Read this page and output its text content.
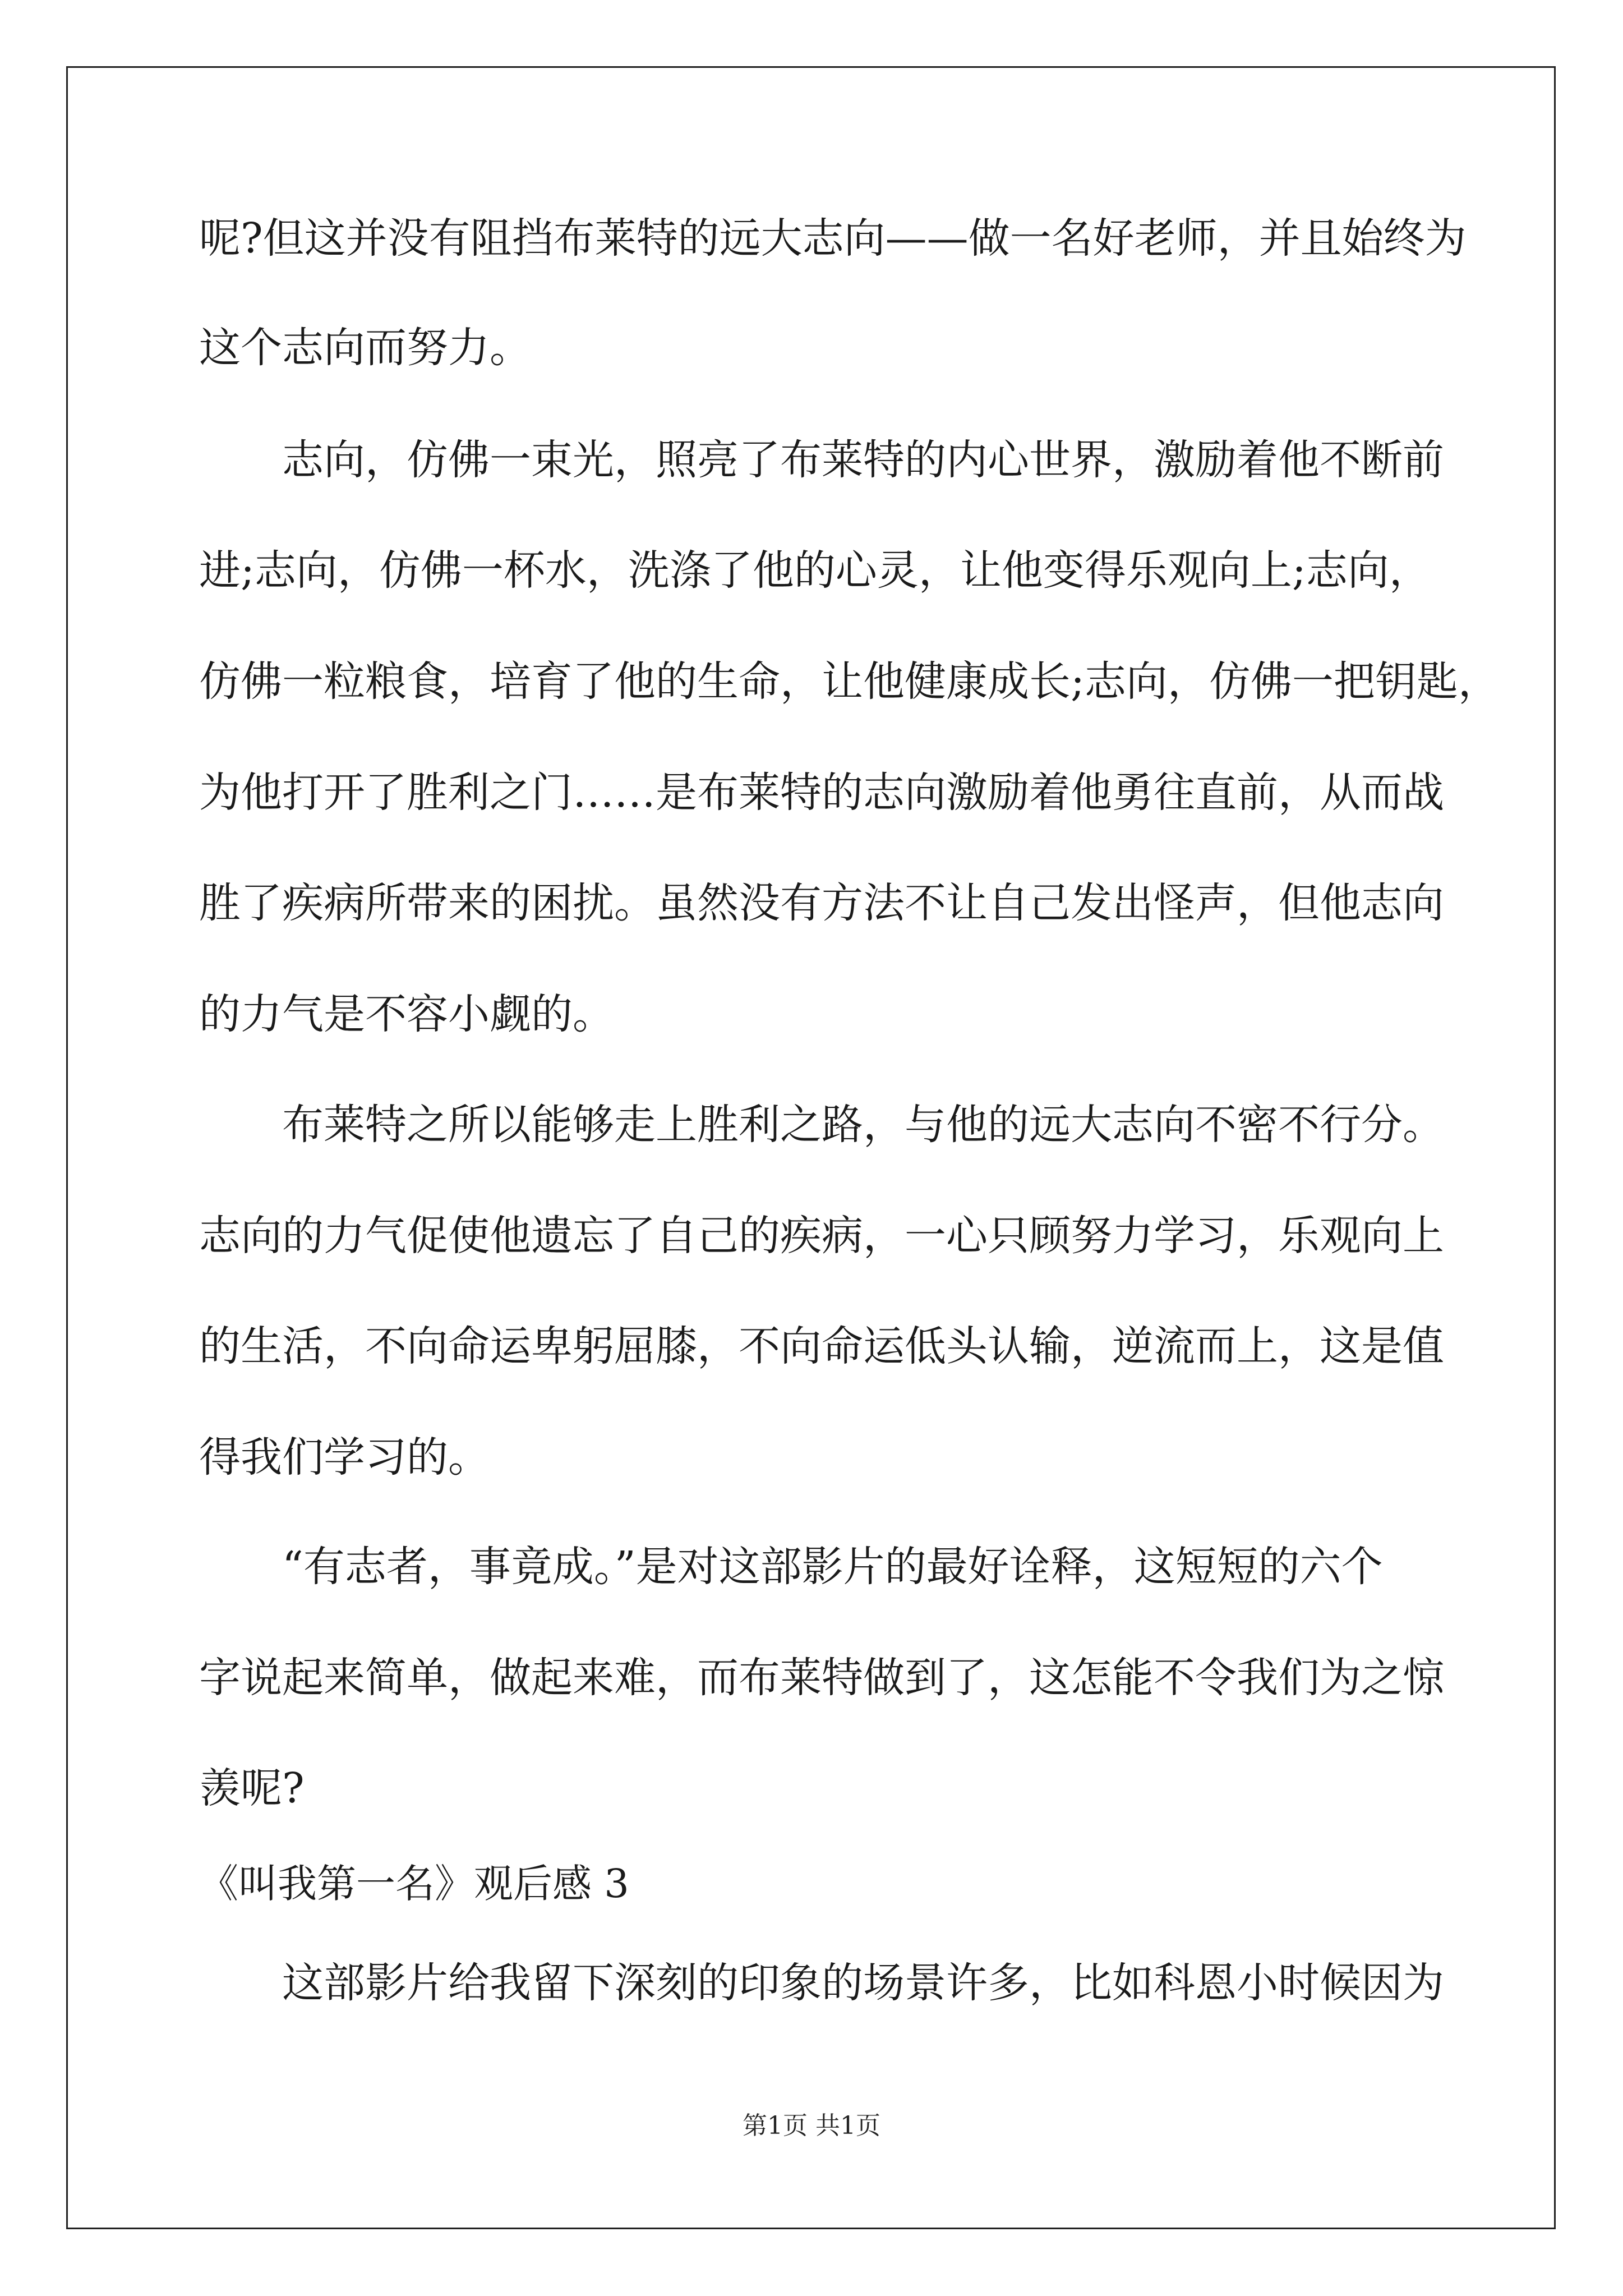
呢?但这并没有阻挡布莱特的远大志向——做一名好老师，并且始终为
这个志向而努力。
志向，仿佛一束光，照亮了布莱特的内心世界，激励着他不断前
进;志向，仿佛一杯水，洗涤了他的心灵，让他变得乐观向上;志向，
仿佛一粒粮食，培育了他的生命，让他健康成长;志向，仿佛一把钥匙，
为他打开了胜利之门……是布莱特的志向激励着他勇往直前，从而战
胜了疾病所带来的困扰。虽然没有方法不让自己发出怪声，但他志向
的力气是不容小觑的。
布莱特之所以能够走上胜利之路，与他的远大志向不密不行分。
志向的力气促使他遗忘了自己的疾病，一心只顾努力学习，乐观向上
的生活，不向命运卑躬屈膝，不向命运低头认输，逆流而上，这是值
得我们学习的。
“有志者，事竟成。”是对这部影片的最好诠释，这短短的六个
字说起来简单，做起来难，而布莱特做到了，这怎能不令我们为之惊
羡呢?
《叫我第一名》观后感 3
这部影片给我留下深刻的印象的场景许多，比如科恩小时候因为
第1页 共1页
